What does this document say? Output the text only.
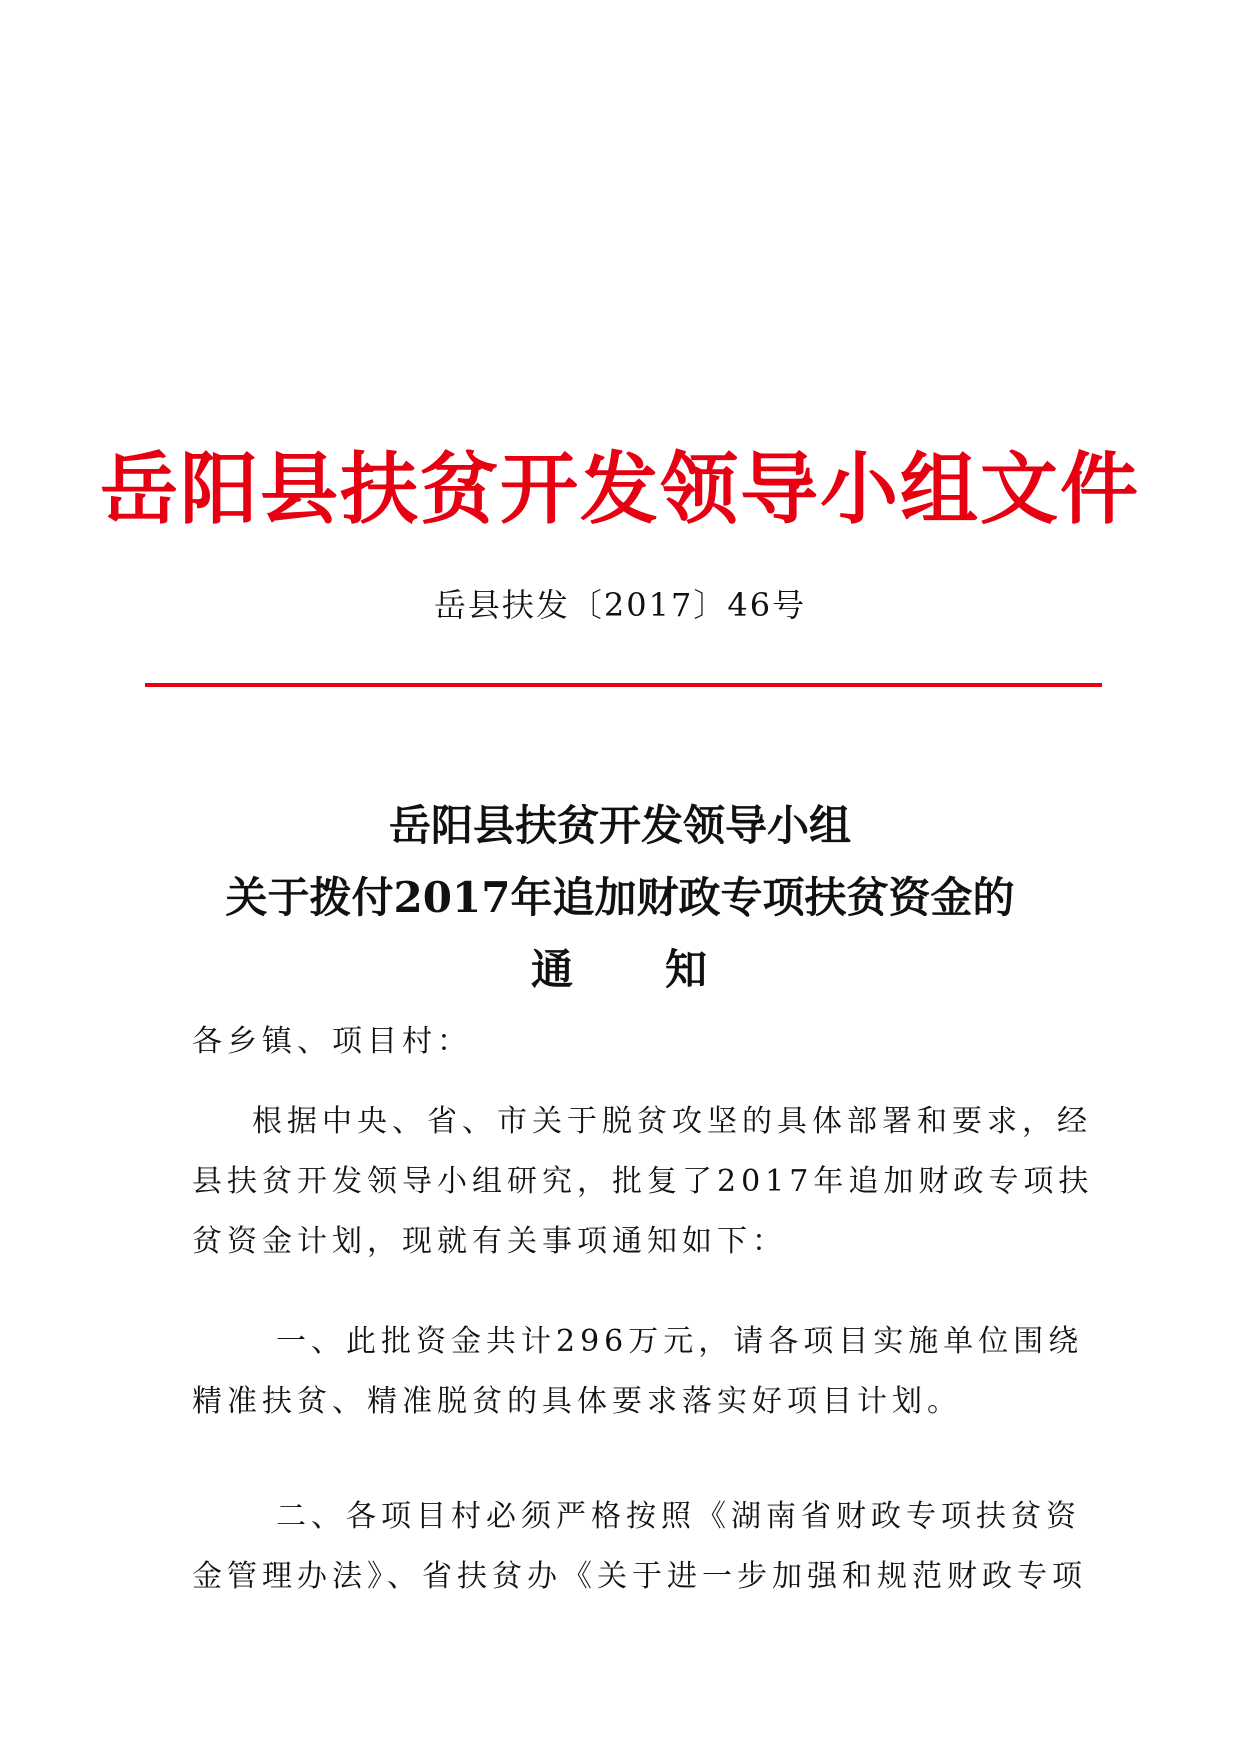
岳阳县扶贫开发领导小组文件
岳县扶发〔2017〕46号
岳阳县扶贫开发领导小组
关于拨付2017年追加财政专项扶贫资金的
通 知
各乡镇、项目村：
根据中央、省、市关于脱贫攻坚的具体部署和要求，经
县扶贫开发领导小组研究，批复了2017年追加财政专项扶
贫资金计划，现就有关事项通知如下：
一、此批资金共计296万元，请各项目实施单位围绕
精准扶贫、精准脱贫的具体要求落实好项目计划。
二、各项目村必须严格按照《湖南省财政专项扶贫资
金管理办法》、省扶贫办《关于进一步加强和规范财政专项
